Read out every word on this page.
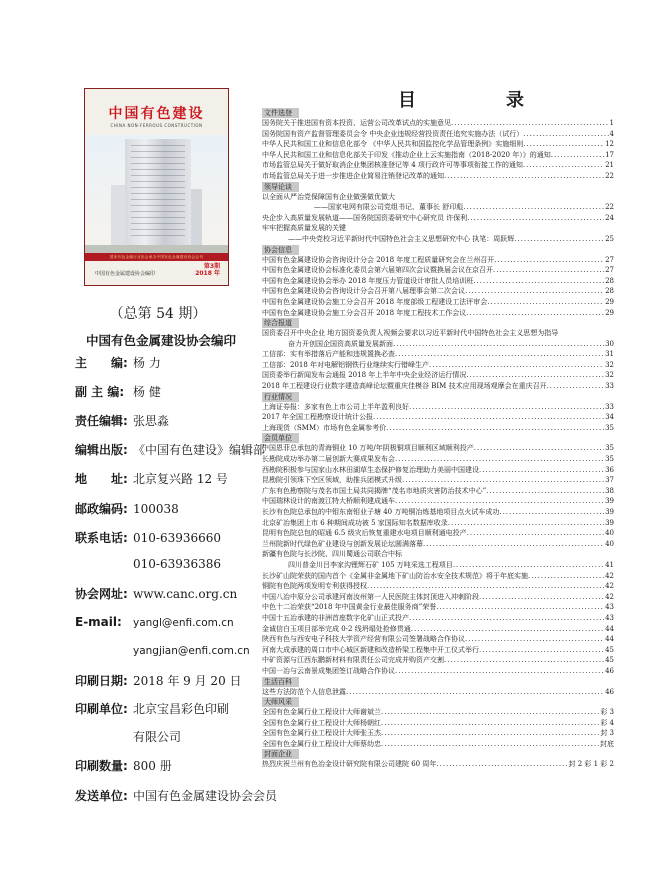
中国有色建设
CHINA NON-FERROUS CONSTRUCTION
国家有色金属行业协会承办中国有色金属建设协会会刊
第3期
2018 年
中国有色金属建设协会编印
（总第 54 期）
中国有色金属建设协会编印
主　　编: 杨 力
副 主 编: 杨 健
责任编辑: 张思淼
编辑出版: 《中国有色建设》编辑部
地　　址: 北京复兴路 12 号
邮政编码: 100038
联系电话: 010-63936660
010-63936386
协会网址: www.canc.org.cn
E-mail: yangl@enfi.com.cn
yangjian@enfi.com.cn
印刷日期: 2018 年 9 月 20 日
印刷单位: 北京宝昌彩色印刷
有限公司
印刷数量: 800 册
发送单位: 中国有色金属建设协会会员
目　录
文件选登
国务院关于推进国有资本投资、运营公司改革试点的实施意见 .....	1
国务院国有资产监督管理委员会令 中央企业违规经营投资责任追究实施办法（试行） .....	4
中华人民共和国工业和信息化部令 《中华人民共和国监控化学品管理条例》实施细则 .....	12
中华人民共和国工业和信息化部关于印发《推动企业上云实施指南（2018-2020 年）》的通知 .....	17
市场监管总局关于做好取消企业集团核准登记等 4 项行政许可等事项衔接工作的通知 .....	21
市场监管总局关于进一步推进企业简易注销登记改革的通知 .....	22
领导论谈
以全面从严治党保障国有企业做强做优做大
——国家电网有限公司党组书记、董事长 舒印彪 .....	22
央企步入高质量发展轨道——国务院国资委研究中心研究员 许保利 .....	24
牢牢把握高质量发展的关键
——中央党校习近平新时代中国特色社会主义思想研究中心 执笔：周跃辉 .....	25
协会信息
中国有色金属建设协会咨询设计分会 2018 年度工程质量研究会在兰州召开 .....	27
中国有色金属建设协会标准化委员会第六届第四次会议暨换届会议在京召开 .....	27
中国有色金属建设协会举办 2018 年度压力管道设计审批人员培训班 .....	28
中国有色金属建设协会咨询设计分会召开第八届理事会第二次会议 .....	28
中国有色金属建设协会施工分会召开 2018 年度部级工程建设工法评审会 .....	29
中国有色金属建设协会施工分会召开 2018 年度工程技术工作会议 .....	29
综合报道
国资委召开中央企业 地方国资委负责人视频会要求以习近平新时代中国特色社会主义思想为指导
奋力开创国企国资高质量发展新面 .....	30
工信部：实有举措落后产能和违规置换必查 .....	31
工信部：2018 年对电解铝钢铁行业继续实行错峰生产 .....	32
国资委举行新闻发布会通报 2018 年上半年中央企业经济运行情况 .....	32
2018 年工程建设行业数字建造高峰论坛暨重庆佳模谷 BIM 技术应用现场观摩会在重庆召开 .....	33
行业情况
上海证券报：多家有色上市公司上半年盈利良好 .....	33
2017 年全国工程勘察设计统计公报 .....	34
上海现货（SMM）市场有色金属参考价 .....	35
会员单位
中国恩菲总承包的青海铜业 10 万吨/年阴极铜项目顺利区域顺利投产 .....	35
长勘院成功举办第二届创新大赛成果发布会 .....	35
西勘院积极参与国家山水林田湖草生态保护修复治理助力美丽中国建设 .....	36
昆勘院引领珠下空区领域，助推兵团模式升级 .....	37
广东有色勘察院与茂名市国土局共同揭牌“茂名市地质灾害防治技术中心” .....	38
中国瑞林设计的南渡江特大桥顺利建成通车 .....	39
长沙有色院总承包的中钼东南钼业子塘 40 万吨铜冶炼基地项目点火试车成功 .....	39
北京矿冶集团上市 6 种期间成功被 5 家国际知名数据库收录 .....	39
昆明有色院总包的昭通 6.5 级灾后恢复重建水电项目顺利通电投产 .....	40
兰州院新时代绿色矿业建设与创新发展论坛圆满落幕 .....	40
新疆有色院与长沙院、四川蜀通公司联合中标
四川普金川吕李家沟锂辉石矿 105 万吨采选工程项目 .....	41
长沙矿山院荣获的国内首个《金属非金属地下矿山防治水安全技术规范》将于年底实施 .....	42
铜院有色院两项发明专利获得授权 .....	42
中国八冶中原分公司承建河南汝州第一人民医院主体封顶进入冲刺阶段 .....	42
中色十二冶荣获“2018 年中国黄金行业最佳服务商”荣誉 .....	43
中国十五冶承建的非洲首座数字化矿山正式投产 .....	43
金诚信白玉项目部举完成 0-2 线坍塌处抢修贯通 .....	44
陕西有色与西安电子科技大学资产经营有限公司签署战略合作协议 .....	44
河南大成承建的周口市中心城区新建和改造桥梁工程集中开工仪式举行 .....	45
中矿资源与江西东鹏新材料有限责任公司完成并购资产交割 .....	45
中国一冶与云南景成集团签订战略合作协议 .....	46
生活百科
这些方法防范个人信息泄露 .....	46
大师风采
全国有色金属行业工程设计大师谢斌兰 .....	彩 3
全国有色金属行业工程设计大师杨朝红 .....	彩 4
全国有色金属行业工程设计大师张玉杰 .....	封 3
全国有色金属行业工程设计大师蔡幼忠 .....	封底
封面企业
热烈庆祝兰州有色冶金设计研究院有限公司建院 60 周年 .....	封 2 彩 1 彩 2
